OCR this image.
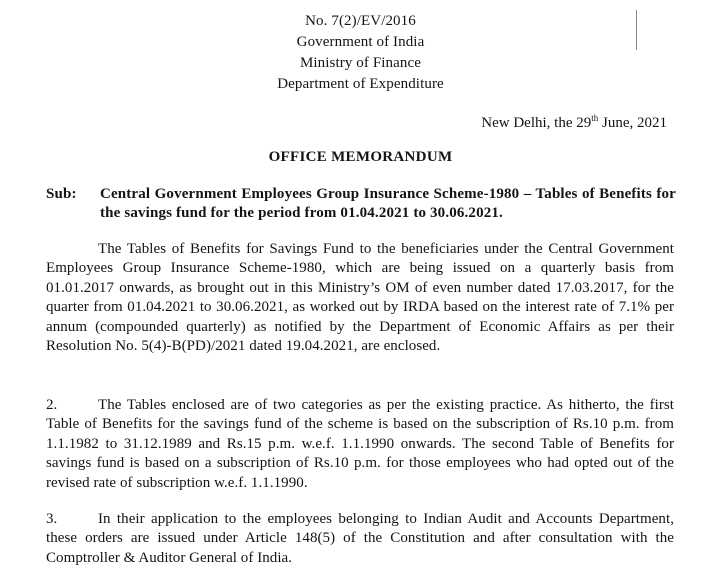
No. 7(2)/EV/2016
Government of India
Ministry of Finance
Department of Expenditure
New Delhi, the 29th June, 2021
OFFICE MEMORANDUM
Sub: Central Government Employees Group Insurance Scheme-1980 – Tables of Benefits for the savings fund for the period from 01.04.2021 to 30.06.2021.
The Tables of Benefits for Savings Fund to the beneficiaries under the Central Government Employees Group Insurance Scheme-1980, which are being issued on a quarterly basis from 01.01.2017 onwards, as brought out in this Ministry’s OM of even number dated 17.03.2017, for the quarter from 01.04.2021 to 30.06.2021, as worked out by IRDA based on the interest rate of 7.1% per annum (compounded quarterly) as notified by the Department of Economic Affairs as per their Resolution No. 5(4)-B(PD)/2021 dated 19.04.2021, are enclosed.
2.	The Tables enclosed are of two categories as per the existing practice. As hitherto, the first Table of Benefits for the savings fund of the scheme is based on the subscription of Rs.10 p.m. from 1.1.1982 to 31.12.1989 and Rs.15 p.m. w.e.f. 1.1.1990 onwards. The second Table of Benefits for savings fund is based on a subscription of Rs.10 p.m. for those employees who had opted out of the revised rate of subscription w.e.f. 1.1.1990.
3.	In their application to the employees belonging to Indian Audit and Accounts Department, these orders are issued under Article 148(5) of the Constitution and after consultation with the Comptroller & Auditor General of India.
